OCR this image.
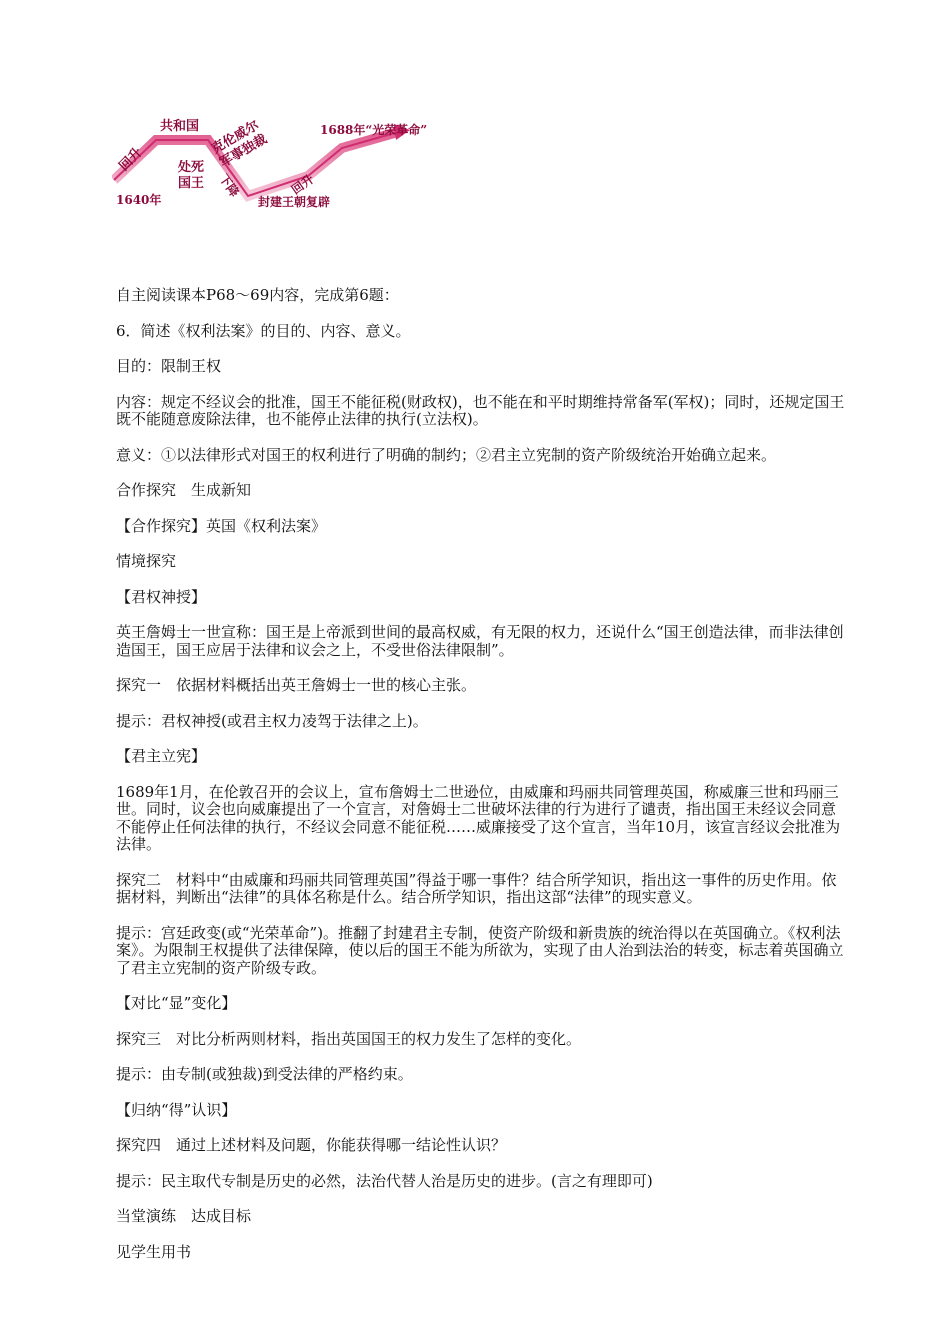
1640年
回升
共和国
处死国王 下降
克伦威尔军事独裁
回升
封建王朝复辟
1688年“光荣革命”

自主阅读课本P68～69内容，完成第6题：

6．简述《权利法案》的目的、内容、意义。

目的：限制王权

内容：规定不经议会的批准，国王不能征税(财政权)，也不能在和平时期维持常备军(军权)；同时，还规定国王既不能随意废除法律，也不能停止法律的执行(立法权)。

意义：①以法律形式对国王的权利进行了明确的制约；②君主立宪制的资产阶级统治开始确立起来。

合作探究　生成新知

【合作探究】英国《权利法案》

情境探究

【君权神授】

英王詹姆士一世宣称：国王是上帝派到世间的最高权威，有无限的权力，还说什么“国王创造法律，而非法律创造国王，国王应居于法律和议会之上，不受世俗法律限制”。

探究一　依据材料概括出英王詹姆士一世的核心主张。

提示：君权神授(或君主权力凌驾于法律之上)。

【君主立宪】

1689年1月，在伦敦召开的会议上，宣布詹姆士二世逊位，由威廉和玛丽共同管理英国，称威廉三世和玛丽三世。同时，议会也向威廉提出了一个宣言，对詹姆士二世破坏法律的行为进行了谴责，指出国王未经议会同意不能停止任何法律的执行，不经议会同意不能征税……威廉接受了这个宣言，当年10月，该宣言经议会批准为法律。

探究二　材料中“由威廉和玛丽共同管理英国”得益于哪一事件？结合所学知识，指出这一事件的历史作用。依据材料，判断出“法律”的具体名称是什么。结合所学知识，指出这部“法律”的现实意义。

提示：宫廷政变(或“光荣革命”)。推翻了封建君主专制，使资产阶级和新贵族的统治得以在英国确立。《权利法案》。为限制王权提供了法律保障，使以后的国王不能为所欲为，实现了由人治到法治的转变，标志着英国确立了君主立宪制的资产阶级专政。

【对比“显”变化】

探究三　对比分析两则材料，指出英国国王的权力发生了怎样的变化。

提示：由专制(或独裁)到受法律的严格约束。

【归纳“得”认识】

探究四　通过上述材料及问题，你能获得哪一结论性认识？

提示：民主取代专制是历史的必然，法治代替人治是历史的进步。(言之有理即可)

当堂演练　达成目标

见学生用书
